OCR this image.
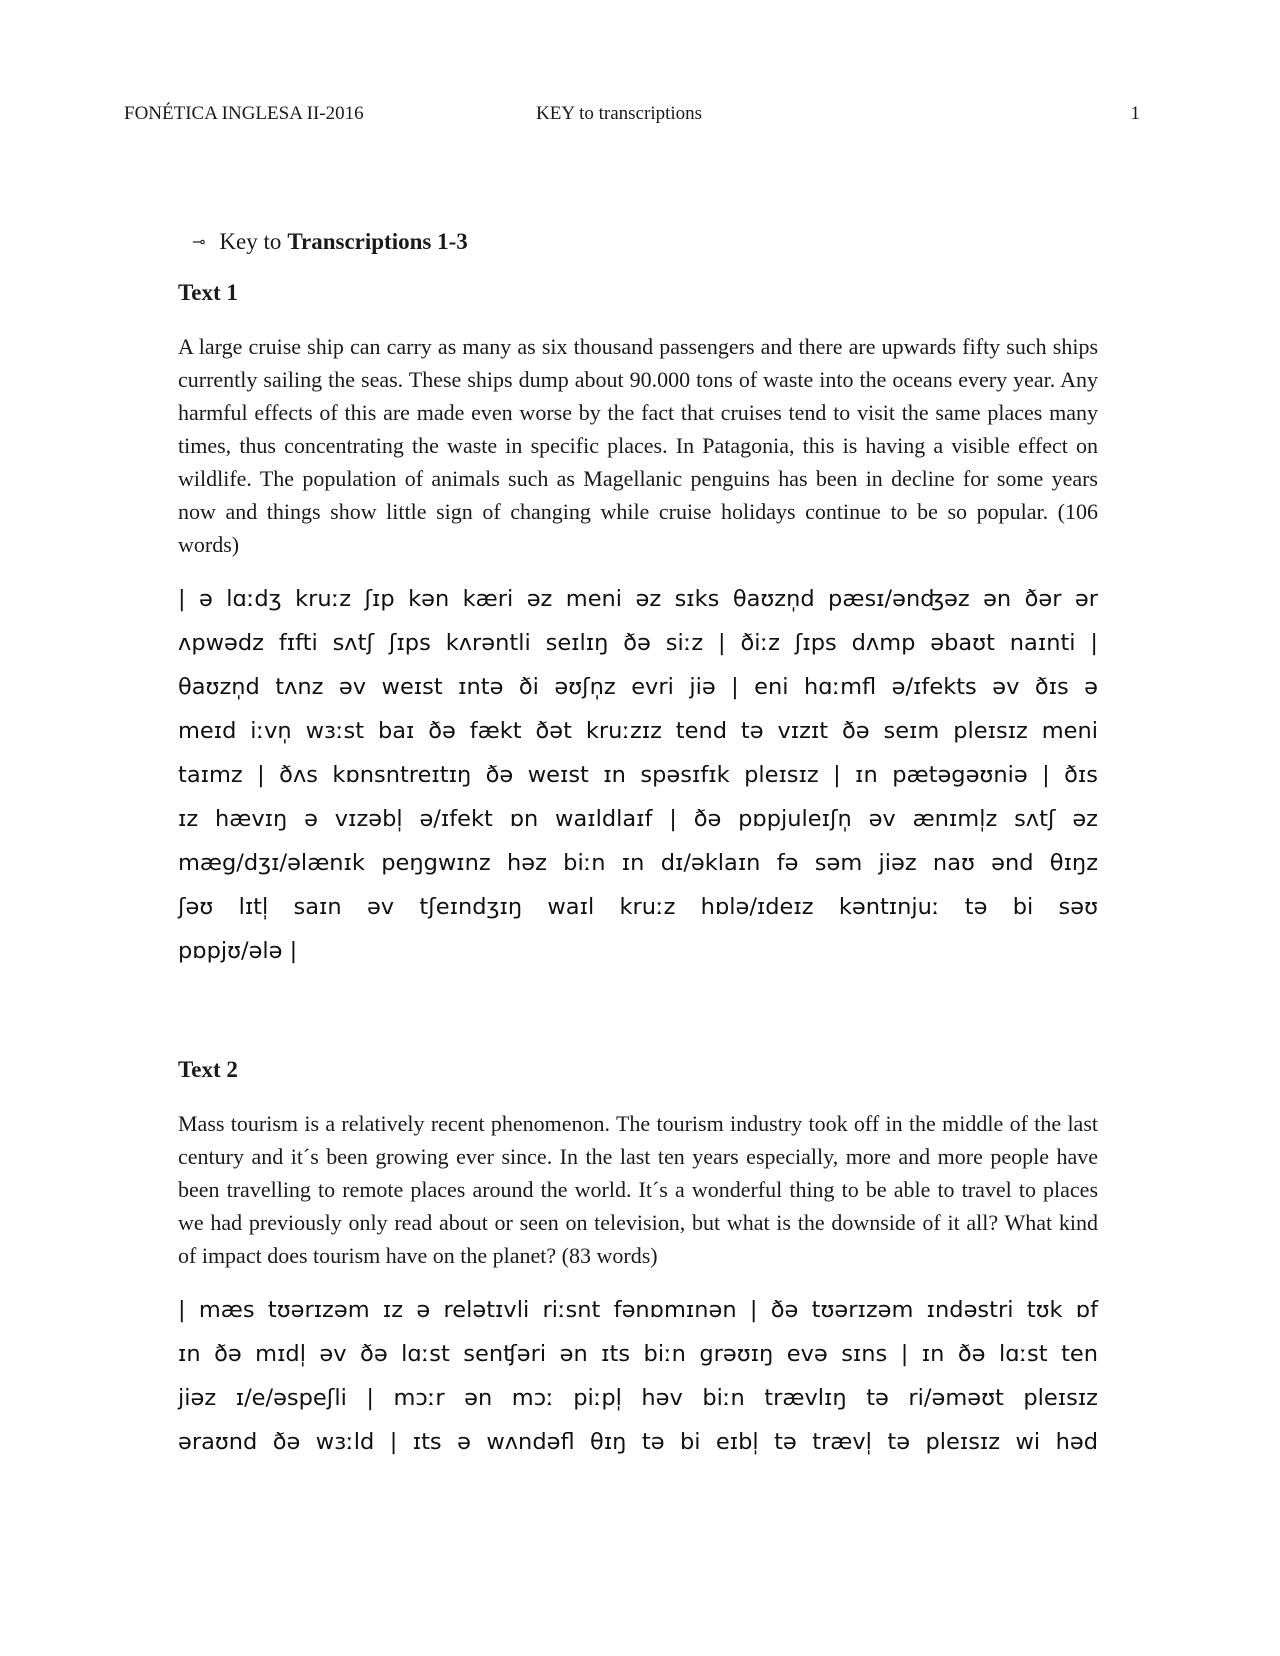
FONÉTICA INGLESA II-2016	KEY to transcriptions	1
⊸ Key to Transcriptions 1-3
Text 1

A large cruise ship can carry as many as six thousand passengers and there are upwards fifty such ships currently sailing the seas. These ships dump about 90.000 tons of waste into the oceans every year. Any harmful effects of this are made even worse by the fact that cruises tend to visit the same places many times, thus concentrating the waste in specific places. In Patagonia, this is having a visible effect on wildlife. The population of animals such as Magellanic penguins has been in decline for some years now and things show little sign of changing while cruise holidays continue to be so popular. (106 words)

| ə lɑːdʒ kruːz ʃɪp kən kæri əz meni əz sɪks θaʊzn̩d pæsɪ/ənʤəz ən ðər ər
ʌpwədz fɪfti sʌtʃ ʃɪps kʌrəntli seɪlɪŋ ðə siːz | ðiːz ʃɪps dʌmp əbaʊt naɪnti |
θaʊzn̩d tʌnz əv weɪst ɪntə ði əʊʃn̩z evri jiə | eni hɑːmfl ə/ɪfekts əv ðɪs ə
meɪd iːvn̩ wɜːst baɪ ðə fækt ðət kruːzɪz tend tə vɪzɪt ðə seɪm pleɪsɪz meni
taɪmz | ðʌs kɒnsntreɪtɪŋ ðə weɪst ɪn spəsɪfɪk pleɪsɪz | ɪn pætəgəʊniə | ðɪs
ɪz hævɪŋ ə vɪzəbl̩ ə/ɪfekt ɒn waɪldlaɪf | ðə pɒpjuleɪʃn̩ əv ænɪml̩z sʌtʃ əz
mæg/dʒɪ/əlænɪk peŋgwɪnz həz biːn ɪn dɪ/əklaɪn fə səm jiəz naʊ ənd θɪŋz
ʃəʊ lɪtl̩ saɪn əv tʃeɪndʒɪŋ waɪl kruːz hɒlə/ɪdeɪz kəntɪnjuː tə bi səʊ
pɒpjʊ/ələ |
Text 2

Mass tourism is a relatively recent phenomenon. The tourism industry took off in the middle of the last century and it´s been growing ever since. In the last ten years especially, more and more people have been travelling to remote places around the world. It´s a wonderful thing to be able to travel to places we had previously only read about or seen on television, but what is the downside of it all? What kind of impact does tourism have on the planet? (83 words)

| mæs tʊərɪzəm ɪz ə relətɪvli riːsnt fənɒmɪnən | ðə tʊərɪzəm ɪndəstri tʊk ɒf
ɪn ðə mɪdl̩ əv ðə lɑːst senʧəri ən ɪts biːn grəʊɪŋ evə sɪns | ɪn ðə lɑːst ten
jiəz ɪ/e/əspeʃli | mɔːr ən mɔː piːpl̩ həv biːn trævlɪŋ tə ri/əməʊt pleɪsɪz
əraʊnd ðə wɜːld | ɪts ə wʌndəfl θɪŋ tə bi eɪbl̩ tə trævl̩ tə pleɪsɪz wi həd
